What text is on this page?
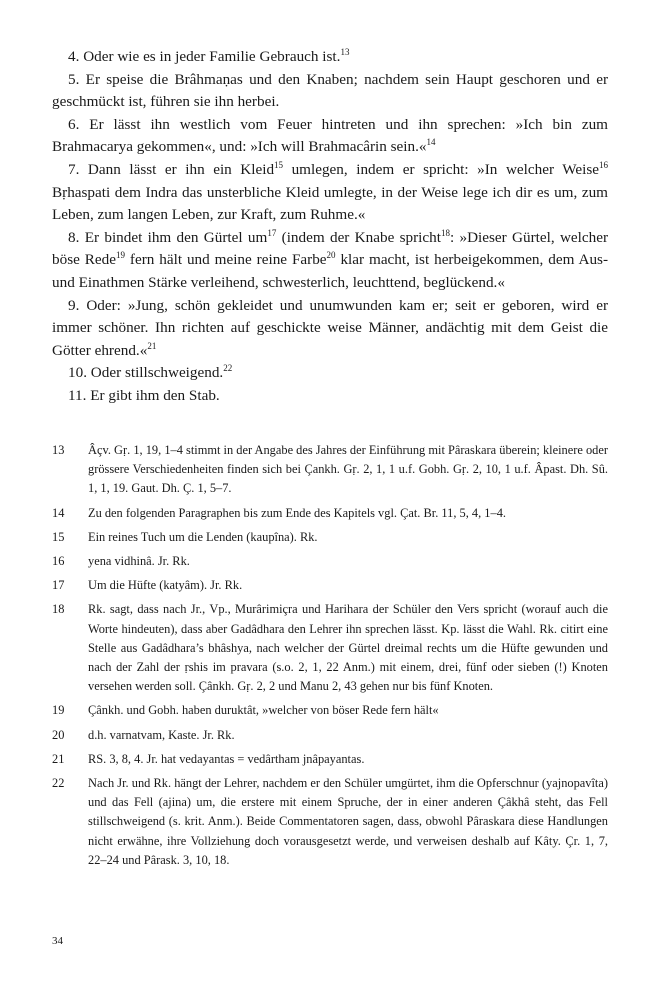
4. Oder wie es in jeder Familie Gebrauch ist.$^{13}$

5. Er speise die Brâhmaṇas und den Knaben; nachdem sein Haupt geschoren und er geschmückt ist, führen sie ihn herbei.

6. Er lässt ihn westlich vom Feuer hintreten und ihn sprechen: »Ich bin zum Brahmacarya gekommen«, und: »Ich will Brahmacârin sein.«$^{14}$

7. Dann lässt er ihn ein Kleid$^{15}$ umlegen, indem er spricht: »In welcher Weise$^{16}$ Bṛhaspati dem Indra das unsterbliche Kleid umlegte, in der Weise lege ich dir es um, zum Leben, zum langen Leben, zur Kraft, zum Ruhme.«

8. Er bindet ihm den Gürtel $um^{17}$ (indem der Knabe spricht$^{18}$: »Dieser Gürtel, welcher böse Rede$^{19}$ fern hält und meine reine Farbe$^{20}$ klar macht, ist herbeigekommen, dem Aus- und Einathmen Stärke verleihend, schwesterlich, leuchttend, beglückend.«

9. Oder: »Jung, schön gekleidet und unumwunden kam er; seit er geboren, wird er immer schöner. Ihn richten auf geschickte weise Männer, andächtig mit dem Geist die Götter ehrend.«$^{21}$

10. Oder stillschweigend.$^{22}$

11. Er gibt ihm den Stab.

13	Âçv. Gṛ. 1, 19, 1–4 stimmt in der Angabe des Jahres der Einführung mit Pâraskara überein; kleinere oder grössere Verschiedenheiten finden sich bei Çankh. Gṛ. 2, 1, 1 u.f. Gobh. Gṛ. 2, 10, 1 u.f. Âpast. Dh. Sû. 1, 1, 19. Gaut. Dh. Ç. 1, 5–7.
14	Zu den folgenden Paragraphen bis zum Ende des Kapitels vgl. Çat. Br. 11, 5, 4, 1–4.
15	Ein reines Tuch um die Lenden (kaupîna). Rk.
16	yena vidhinâ. Jr. Rk.
17	Um die Hüfte (katyâm). Jr. Rk.
18	Rk. sagt, dass nach Jr., Vp., Murârimiçra und Harihara der Schüler den Vers spricht (worauf auch die Worte hindeuten), dass aber Gadâdhara den Lehrer ihn sprechen lässt. Kp. lässt die Wahl. Rk. citirt eine Stelle aus Gadâdhara’s bhâshya, nach welcher der Gürtel dreimal rechts um die Hüfte gewunden und nach der Zahl der ṛshis im pravara (s.o. 2, 1, 22 Anm.) mit einem, drei, fünf oder sieben (!) Knoten versehen werden soll. Çânkh. Gṛ. 2, 2 und Manu 2, 43 gehen nur bis fünf Knoten.
19	Çânkh. und Gobh. haben duruktât, »welcher von böser Rede fern hält«
20	d.h. varnatvam, Kaste. Jr. Rk.
21	RS. 3, 8, 4. Jr. hat vedayantas = vedârtham jnâpayantas.
22	Nach Jr. und Rk. hängt der Lehrer, nachdem er den Schüler umgürtet, ihm die Opferschnur (yajnopavîta) und das Fell (ajina) um, die erstere mit einem Spruche, der in einer anderen Çâkhâ steht, das Fell stillschweigend (s. krit. Anm.). Beide Commentatoren sagen, dass, obwohl Pâraskara diese Handlungen nicht erwähne, ihre Vollziehung doch vorausgesetzt werde, und verweisen deshalb auf Kâty. Çr. 1, 7, 22–24 und Pârask. 3, 10, 18.
34
